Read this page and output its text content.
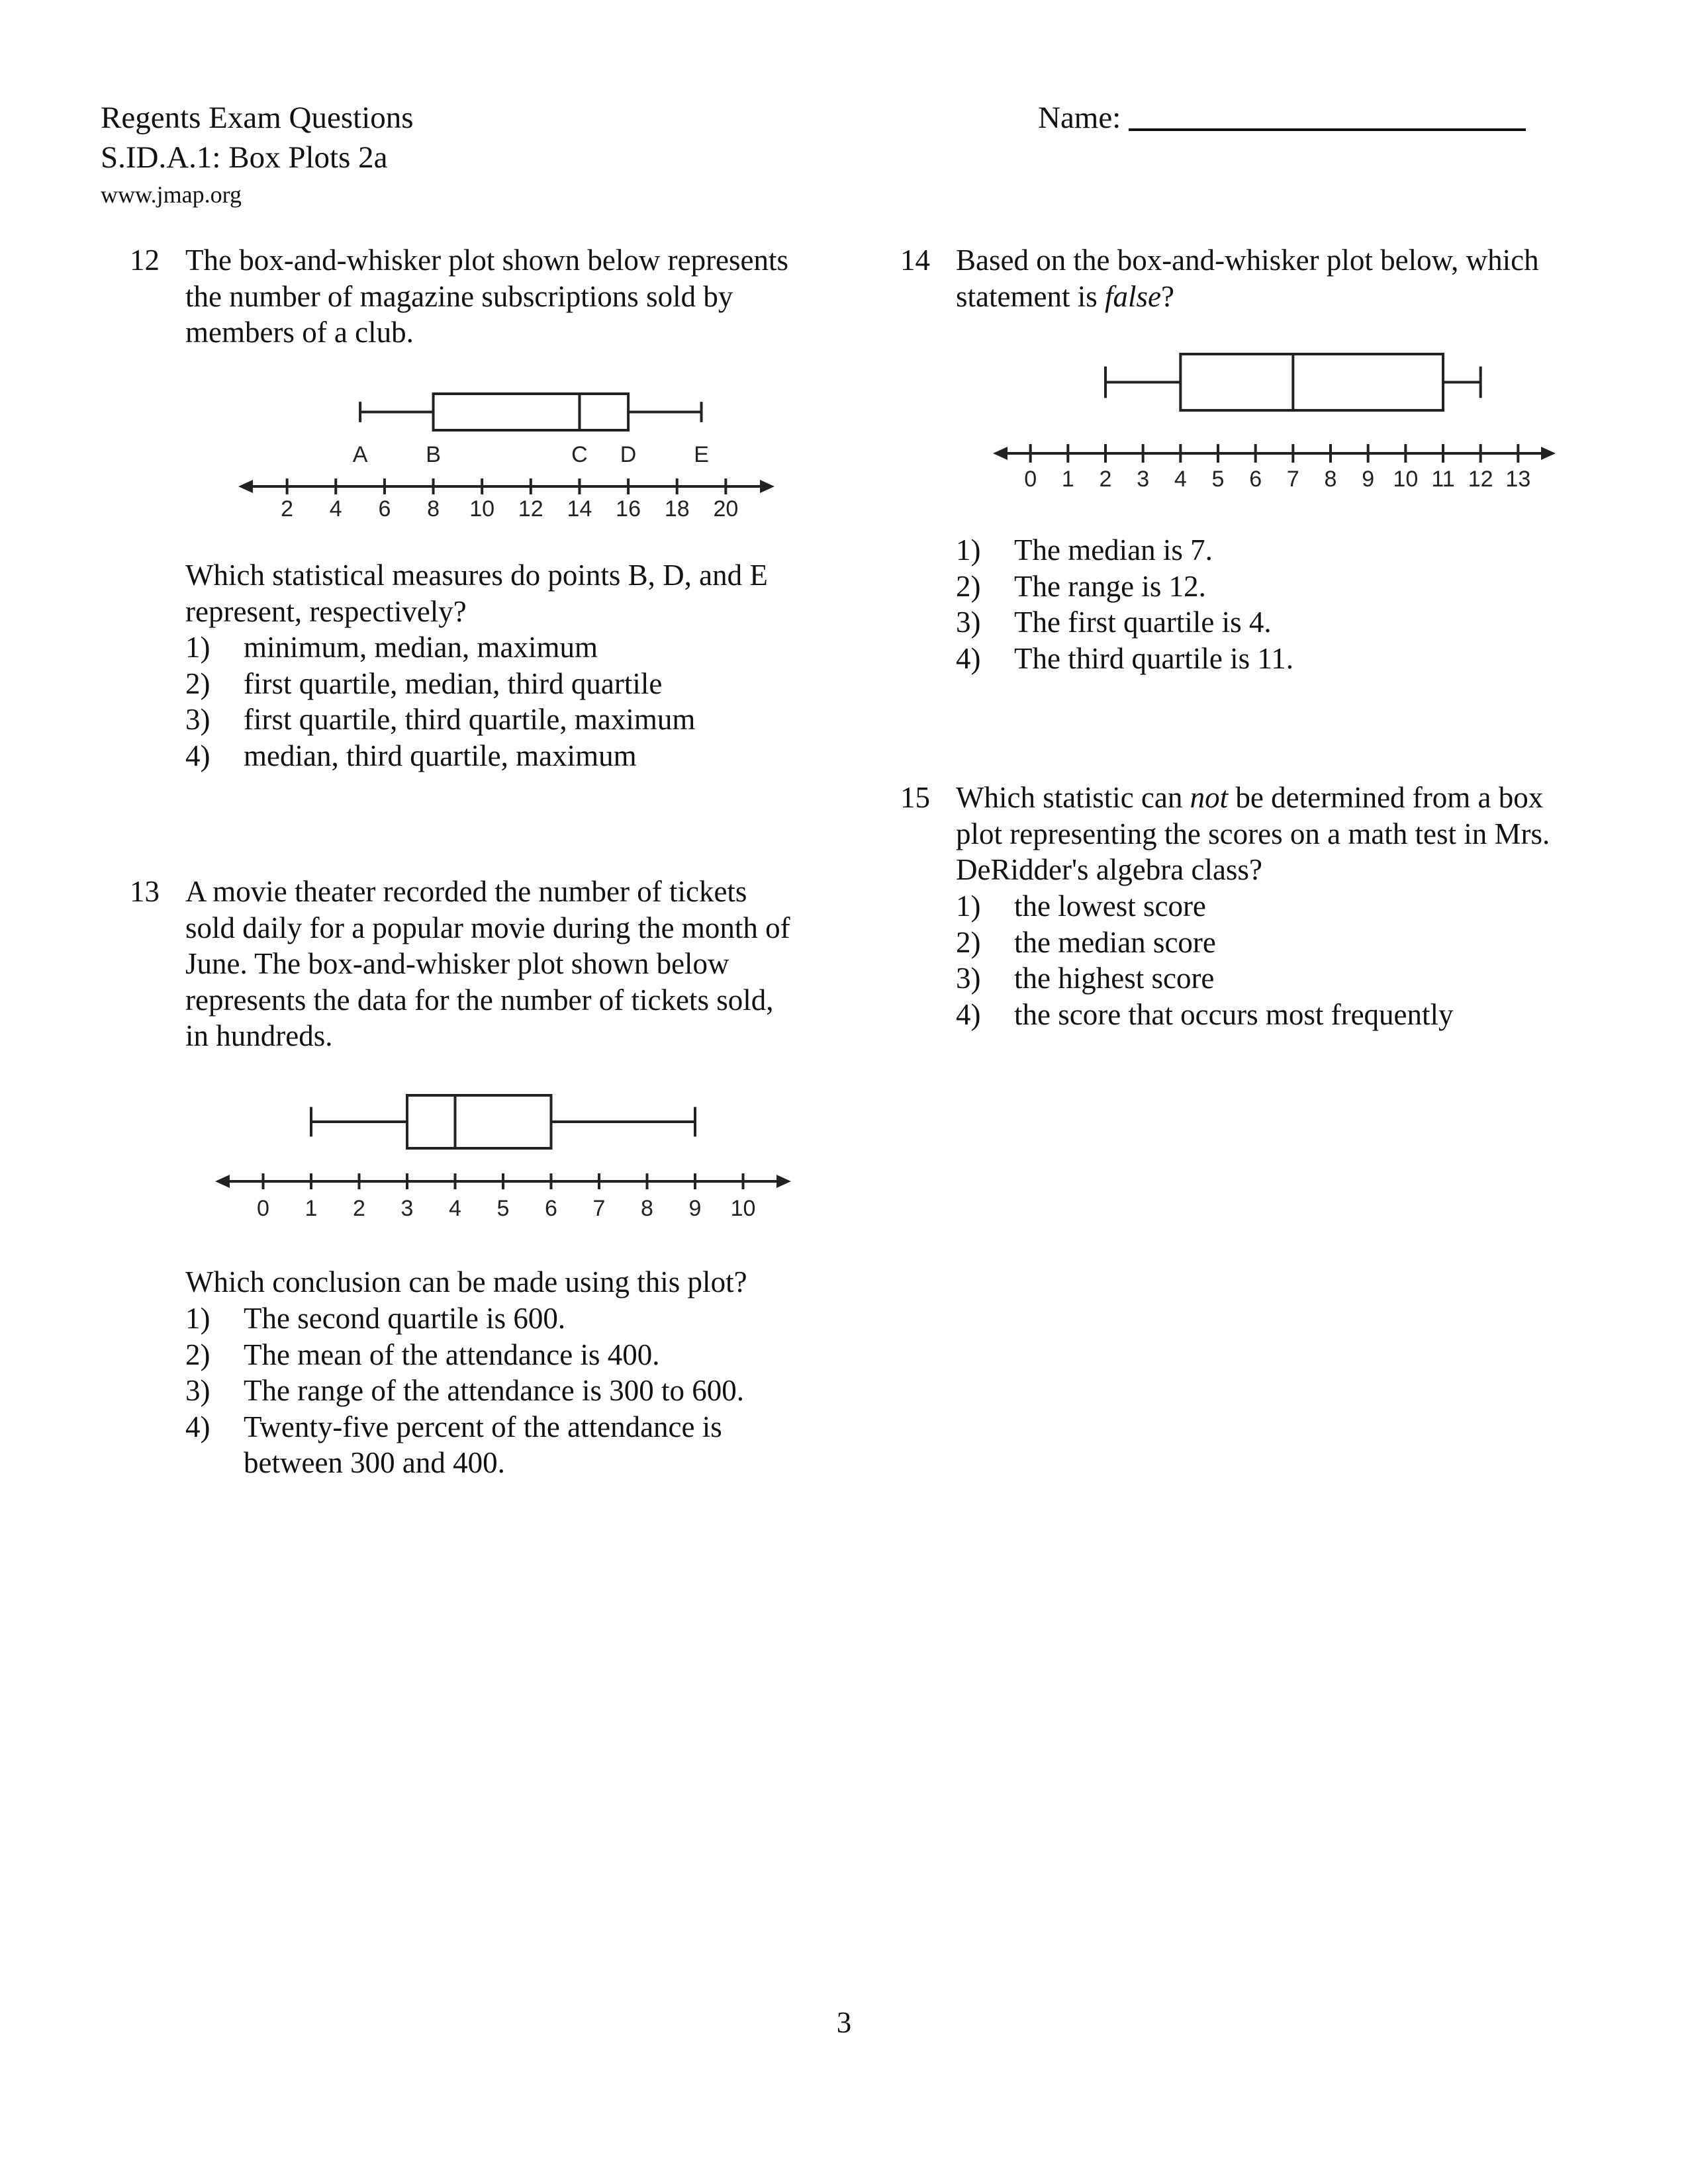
Regents Exam Questions
S.ID.A.1: Box Plots 2a
www.jmap.org
Name:
12 The box-and-whisker plot shown below represents

the number of magazine subscriptions sold by

members of a club.

Which statistical measures do points B, D, and E

represent, respectively?

1) minimum, median, maximum
2) first quartile, median, third quartile
3) first quartile, third quartile, maximum
4) median, third quartile, maximum
2 4 6 8 10 12 14 16 18 20
A	B	C D	E
13 A movie theater recorded the number of tickets

sold daily for a popular movie during the month of

June. The box-and-whisker plot shown below

represents the data for the number of tickets sold,

in hundreds.

Which conclusion can be made using this plot?

1) The second quartile is 600.
2) The mean of the attendance is 400.
3) The range of the attendance is 300 to 600.
4) Twenty-five percent of the attendance is
between 300 and 400.
0 1 2 3 4 5 6 7 8 9 10
14 Based on the box-and-whisker plot below, which

statement is false?

1) The median is 7.
2) The range is 12.
3) The first quartile is 4.
4) The third quartile is 11.
0 1 2 3 4 5 6 7 8 9 10 11 12 13
15 Which statistic can not be determined from a box

plot representing the scores on a math test in Mrs.

DeRidder's algebra class?

1) the lowest score
2) the median score
3) the highest score
4) the score that occurs most frequently
3
